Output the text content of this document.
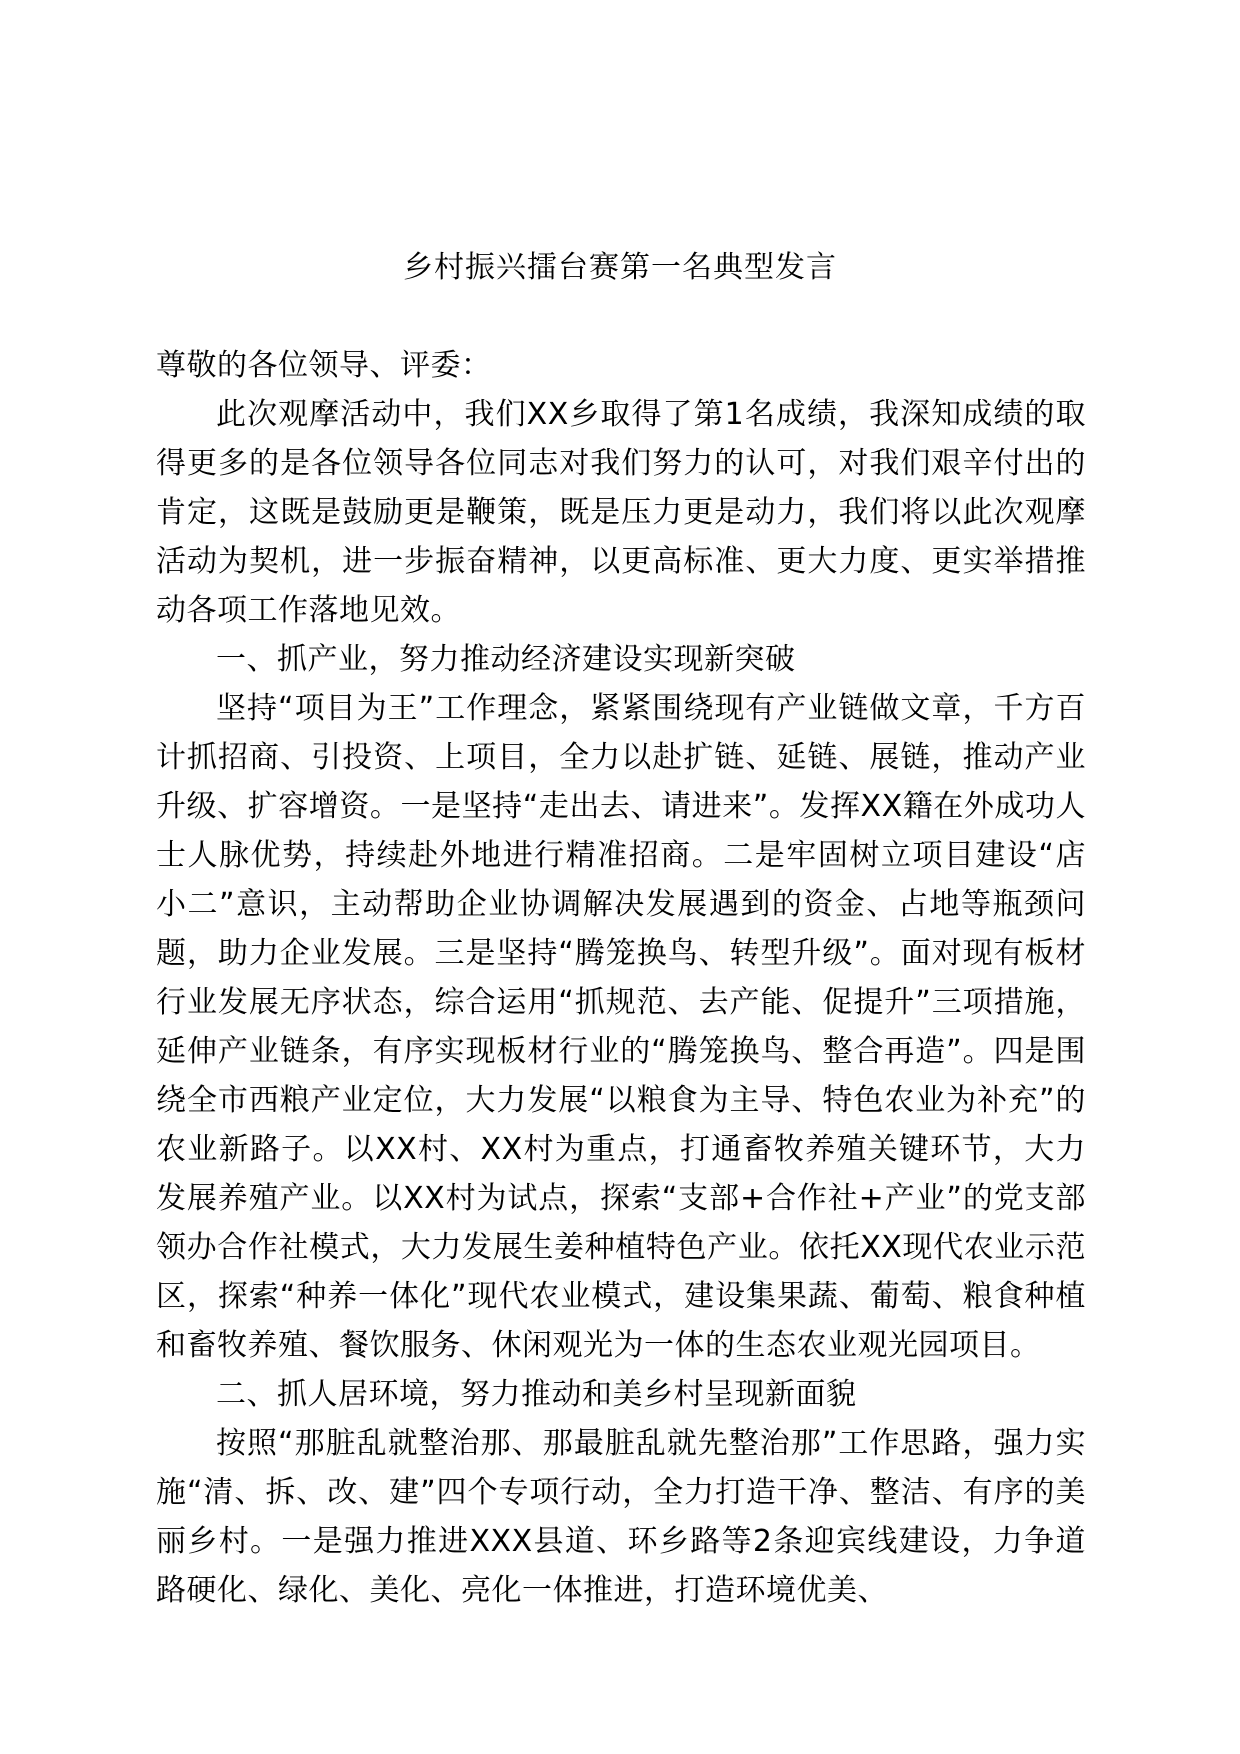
乡村振兴擂台赛第一名典型发言

尊敬的各位领导、评委：

此次观摩活动中，我们XX乡取得了第1名成绩，我深知成绩的取得更多的是各位领导各位同志对我们努力的认可，对我们艰辛付出的肯定，这既是鼓励更是鞭策，既是压力更是动力，我们将以此次观摩活动为契机，进一步振奋精神，以更高标准、更大力度、更实举措推动各项工作落地见效。

一、抓产业，努力推动经济建设实现新突破

坚持“项目为王”工作理念，紧紧围绕现有产业链做文章，千方百计抓招商、引投资、上项目，全力以赴扩链、延链、展链，推动产业升级、扩容增资。一是坚持“走出去、请进来”。发挥XX籍在外成功人士人脉优势，持续赴外地进行精准招商。二是牢固树立项目建设“店小二”意识，主动帮助企业协调解决发展遇到的资金、占地等瓶颈问题，助力企业发展。三是坚持“腾笼换鸟、转型升级”。面对现有板材行业发展无序状态，综合运用“抓规范、去产能、促提升”三项措施，延伸产业链条，有序实现板材行业的“腾笼换鸟、整合再造”。四是围绕全市西粮产业定位，大力发展“以粮食为主导、特色农业为补充”的农业新路子。以XX村、XX村为重点，打通畜牧养殖关键环节，大力发展养殖产业。以XX村为试点，探索“支部+合作社+产业”的党支部领办合作社模式，大力发展生姜种植特色产业。依托XX现代农业示范区，探索“种养一体化”现代农业模式，建设集果蔬、葡萄、粮食种植和畜牧养殖、餐饮服务、休闲观光为一体的生态农业观光园项目。

二、抓人居环境，努力推动和美乡村呈现新面貌

按照“那脏乱就整治那、那最脏乱就先整治那”工作思路，强力实施“清、拆、改、建”四个专项行动，全力打造干净、整洁、有序的美丽乡村。一是强力推进XXX县道、环乡路等2条迎宾线建设，力争道路硬化、绿化、美化、亮化一体推进，打造环境优美、
